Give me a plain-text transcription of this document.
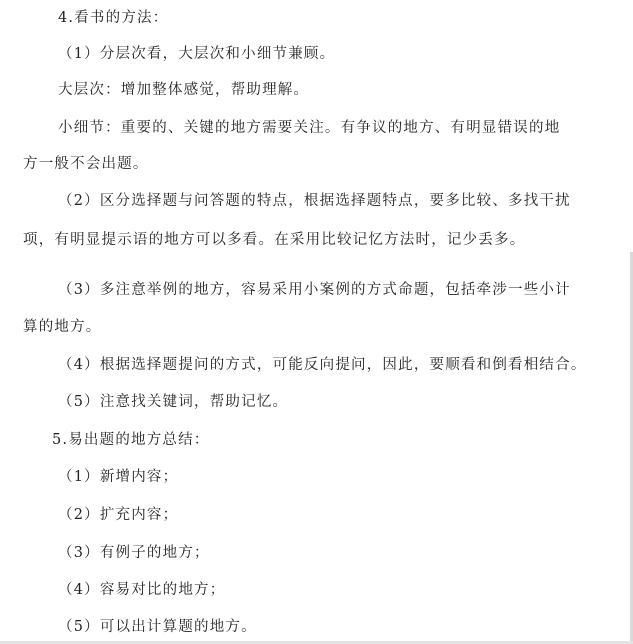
4.看书的方法：
（1）分层次看，大层次和小细节兼顾。
大层次：增加整体感觉，帮助理解。
小细节：重要的、关键的地方需要关注。有争议的地方、有明显错误的地
方一般不会出题。
（2）区分选择题与问答题的特点，根据选择题特点，要多比较、多找干扰
项，有明显提示语的地方可以多看。在采用比较记忆方法时，记少丢多。
（3）多注意举例的地方，容易采用小案例的方式命题，包括牵涉一些小计
算的地方。
（4）根据选择题提问的方式，可能反向提问，因此，要顺看和倒看相结合。
（5）注意找关键词，帮助记忆。
5.易出题的地方总结：
（1）新增内容；
（2）扩充内容；
（3）有例子的地方；
（4）容易对比的地方；
（5）可以出计算题的地方。
